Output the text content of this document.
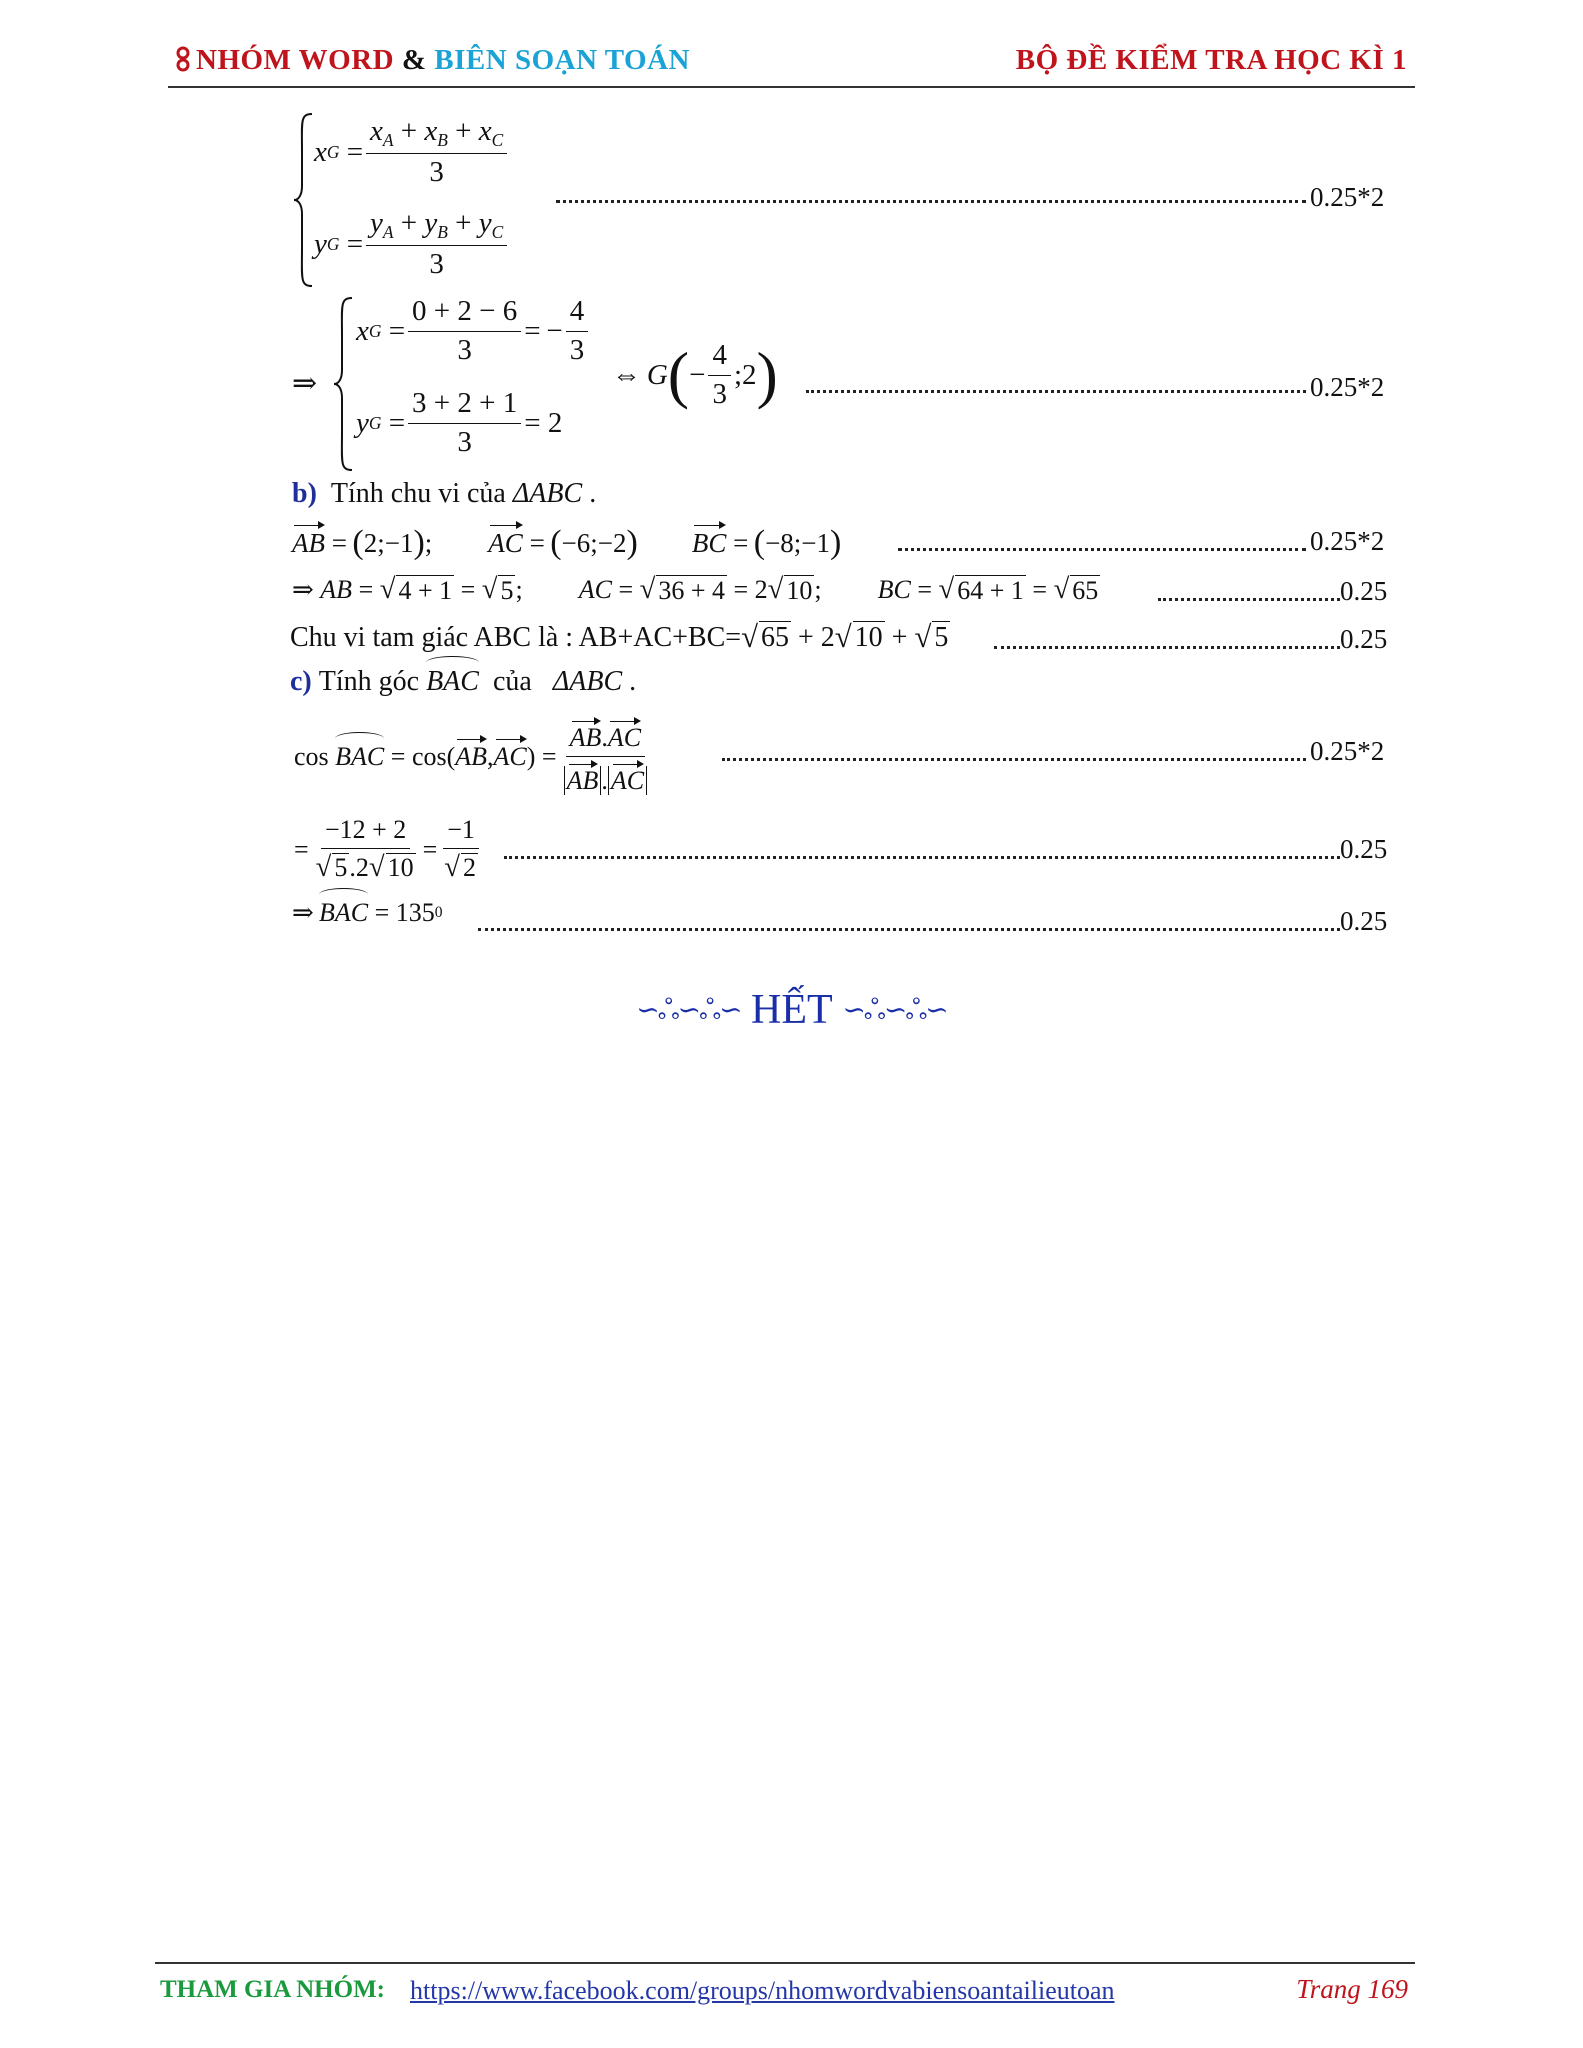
NHÓM WORD & BIÊN SOẠN TOÁN	BỘ ĐỀ KIỂM TRA HỌC KÌ 1
x $G = \frac{x_A + x_B + x_C}{3}$
y $G = \frac{y_A + y_B + y_C}{3}$
0.25*2
⇒
x $G = \frac{0 + 2 - 6}{3}$ = − $\frac{4}{3}$
y $G = \frac{3 + 2 + 1}{3} = 2$
⇔  G ( − $\frac{4}{3}$ ;2 )	0.25*2
b)
Tính chu vi của
ΔABC
.
AB =  ( 2;−1 ) ; AC =  ( −6;−2 ) BC =  ( −8;−1 )	0.25*2
⇒ AB = √ 4 + 1 = √ 5 ; AC = √ 36 + 4 = 2 √ 10 ; BC = √ 64 + 1 = √ 65	0.25
Chu vi tam giác ABC là : AB+AC+BC= √ 65 + 2 √ 10 + √ 5	0.25
c)
Tính góc
BAC
của
ΔABC
.
cos BAC = cos( AB , AC ) = $\frac{AB.AC}{AB . AC}$	0.25*2
= $\frac{-12 + 2}{√ 5.2√ 10} = \frac{-1}{√ 2}$	0.25
⇒  BAC = 135 0	0.25
∽ஃ∽ஃ∽ HẾT ∽ஃ∽ஃ∽
THAM GIA NHÓM: https://www.facebook.com/groups/nhomwordvabiensoantailieutoan	Trang 169
